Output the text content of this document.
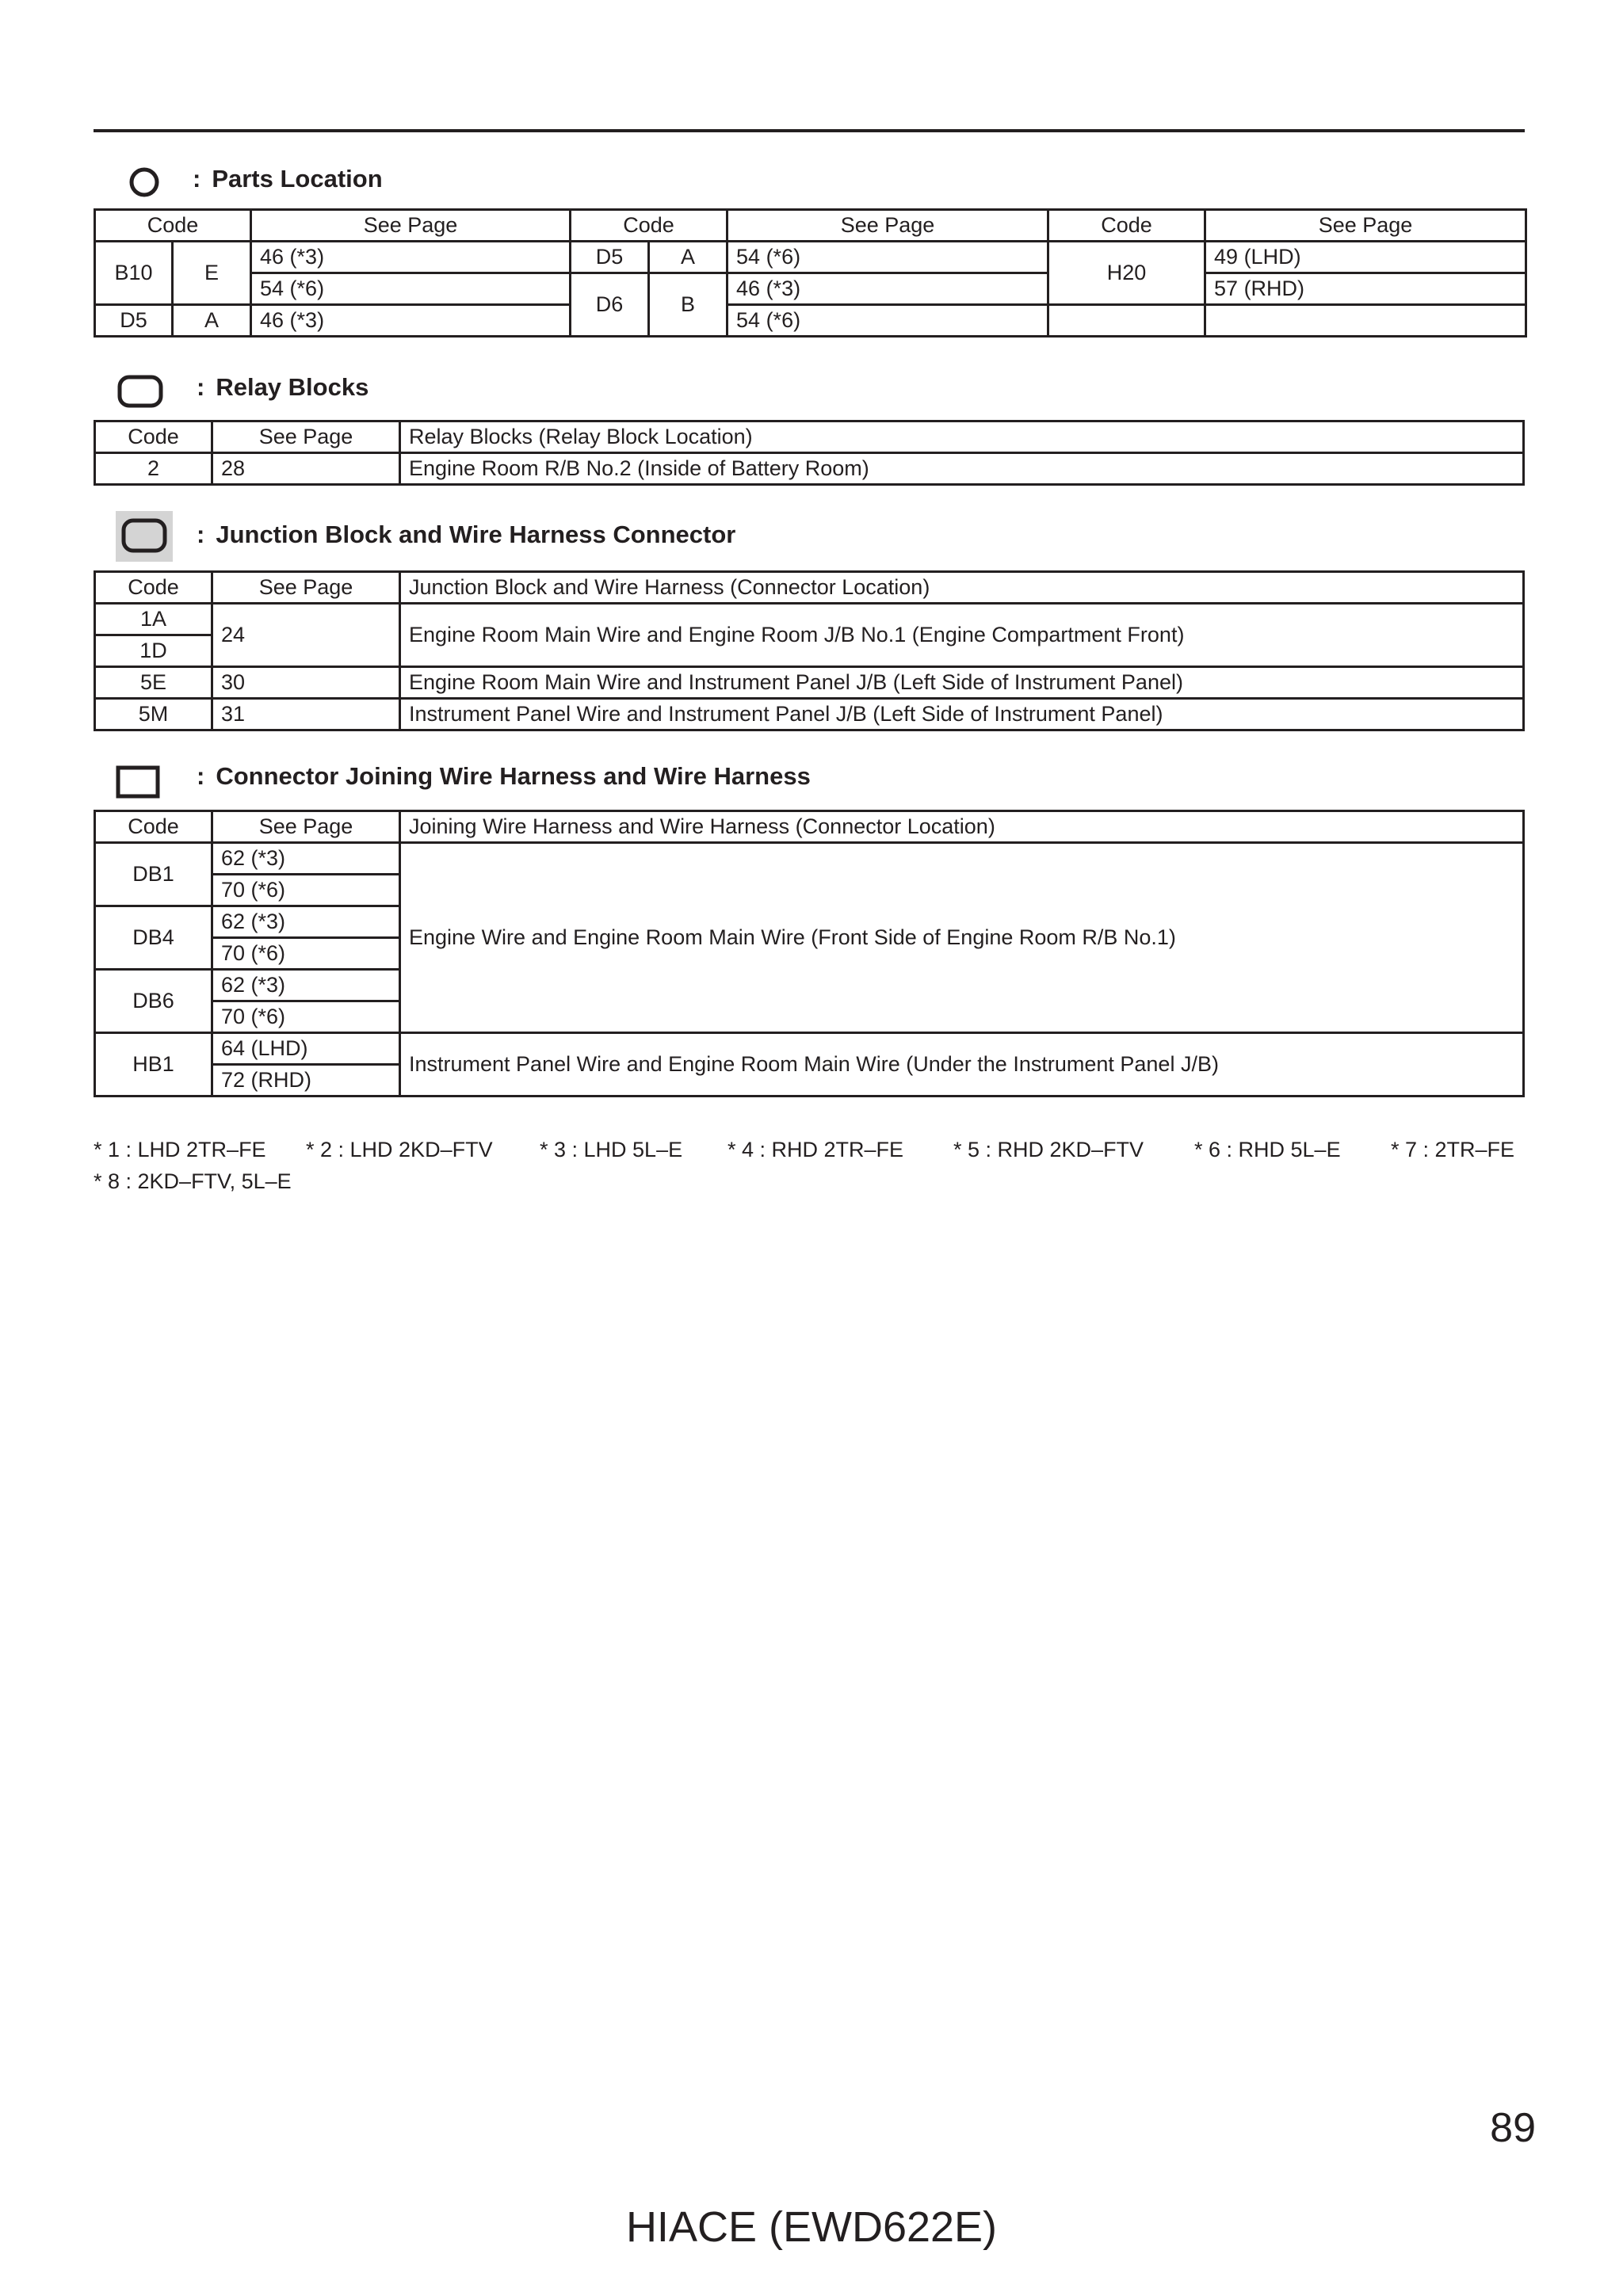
: Parts Location
Code		See Page	Code		See Page	Code	See Page
B10	E	46 (*3)	D5	A	54 (*6)	H20	49 (LHD)
		54 (*6)	D6	B	46 (*3)		57 (RHD)
D5	A	46 (*3)			54 (*6)		
: Relay Blocks
Code	See Page	Relay Blocks (Relay Block Location)
2	28	Engine Room R/B No.2 (Inside of Battery Room)
: Junction Block and Wire Harness Connector
Code	See Page	Junction Block and Wire Harness (Connector Location)
1A	24	Engine Room Main Wire and Engine Room J/B No.1 (Engine Compartment Front)
1D		
5E	30	Engine Room Main Wire and Instrument Panel J/B (Left Side of Instrument Panel)
5M	31	Instrument Panel Wire and Instrument Panel J/B (Left Side of Instrument Panel)
: Connector Joining Wire Harness and Wire Harness
Code	See Page	Joining Wire Harness and Wire Harness (Connector Location)
DB1	62 (*3)	Engine Wire and Engine Room Main Wire (Front Side of Engine Room R/B No.1)
	70 (*6)	
DB4	62 (*3)	
	70 (*6)	
DB6	62 (*3)	
	70 (*6)	
HB1	64 (LHD)	Instrument Panel Wire and Engine Room Main Wire (Under the Instrument Panel J/B)
	72 (RHD)	
* 1 : LHD 2TR–FE * 2 : LHD 2KD–FTV * 3 : LHD 5L–E * 4 : RHD 2TR–FE * 5 : RHD 2KD–FTV * 6 : RHD 5L–E * 7 : 2TR–FE
* 8 : 2KD–FTV, 5L–E
89
HIACE (EWD622E)
